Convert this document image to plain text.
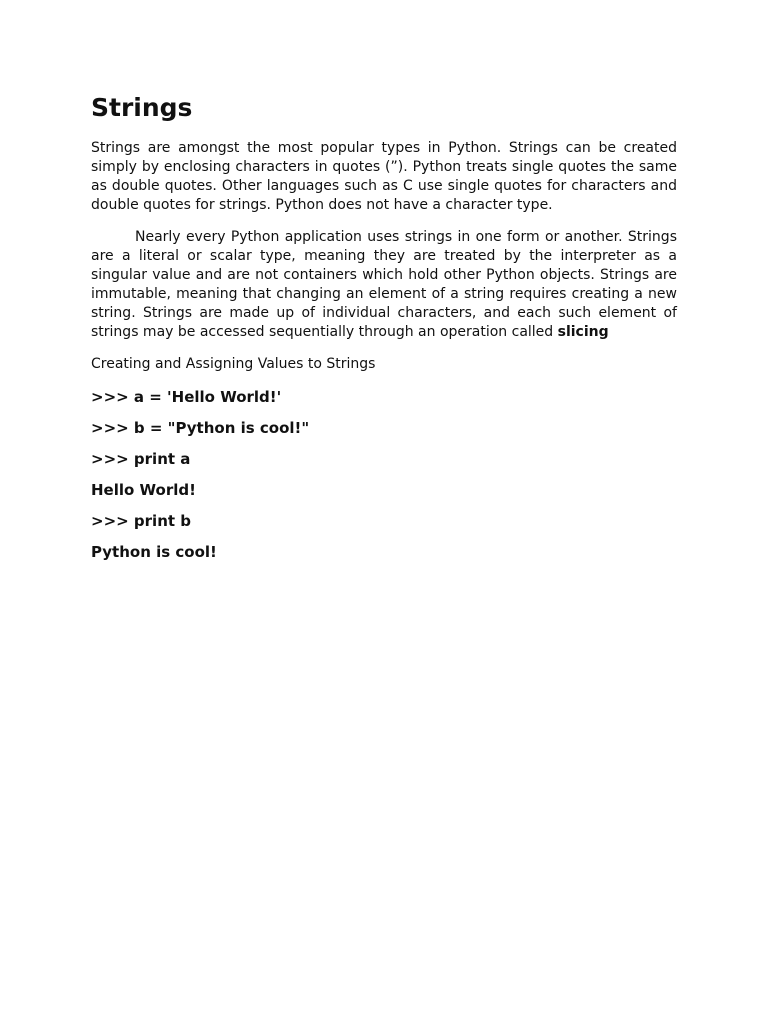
Strings

Strings are amongst the most popular types in Python. Strings can be created simply by enclosing characters in quotes (”). Python treats single quotes the same as double quotes. Other languages such as C use single quotes for characters and double quotes for strings. Python does not have a character type.

Nearly every Python application uses strings in one form or another. Strings are a literal or scalar type, meaning they are treated by the interpreter as a singular value and are not containers which hold other Python objects. Strings are immutable, meaning that changing an element of a string requires creating a new string. Strings are made up of individual characters, and each such element of strings may be accessed sequentially through an operation called slicing

Creating and Assigning Values to Strings

>>> a = 'Hello World!'

>>> b = "Python is cool!"

>>> print a

Hello World!

>>> print b

Python is cool!
